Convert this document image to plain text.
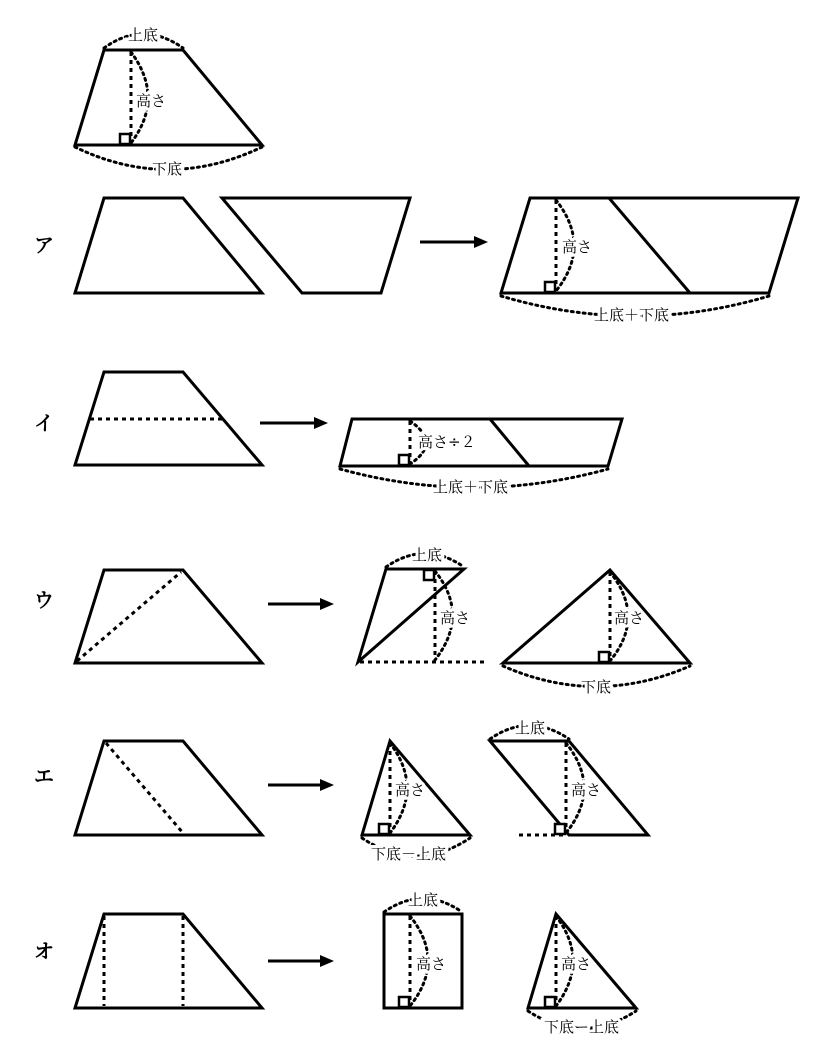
上底
高さ
下底
ア	高さ
上底＋下底
イ
高さ÷２
上底＋下底
ウ
上底
高さ	高さ
下底
エ
高さ
下底－上底
上底
高さ
オ
上底
高さ	高さ
下底ー上底
